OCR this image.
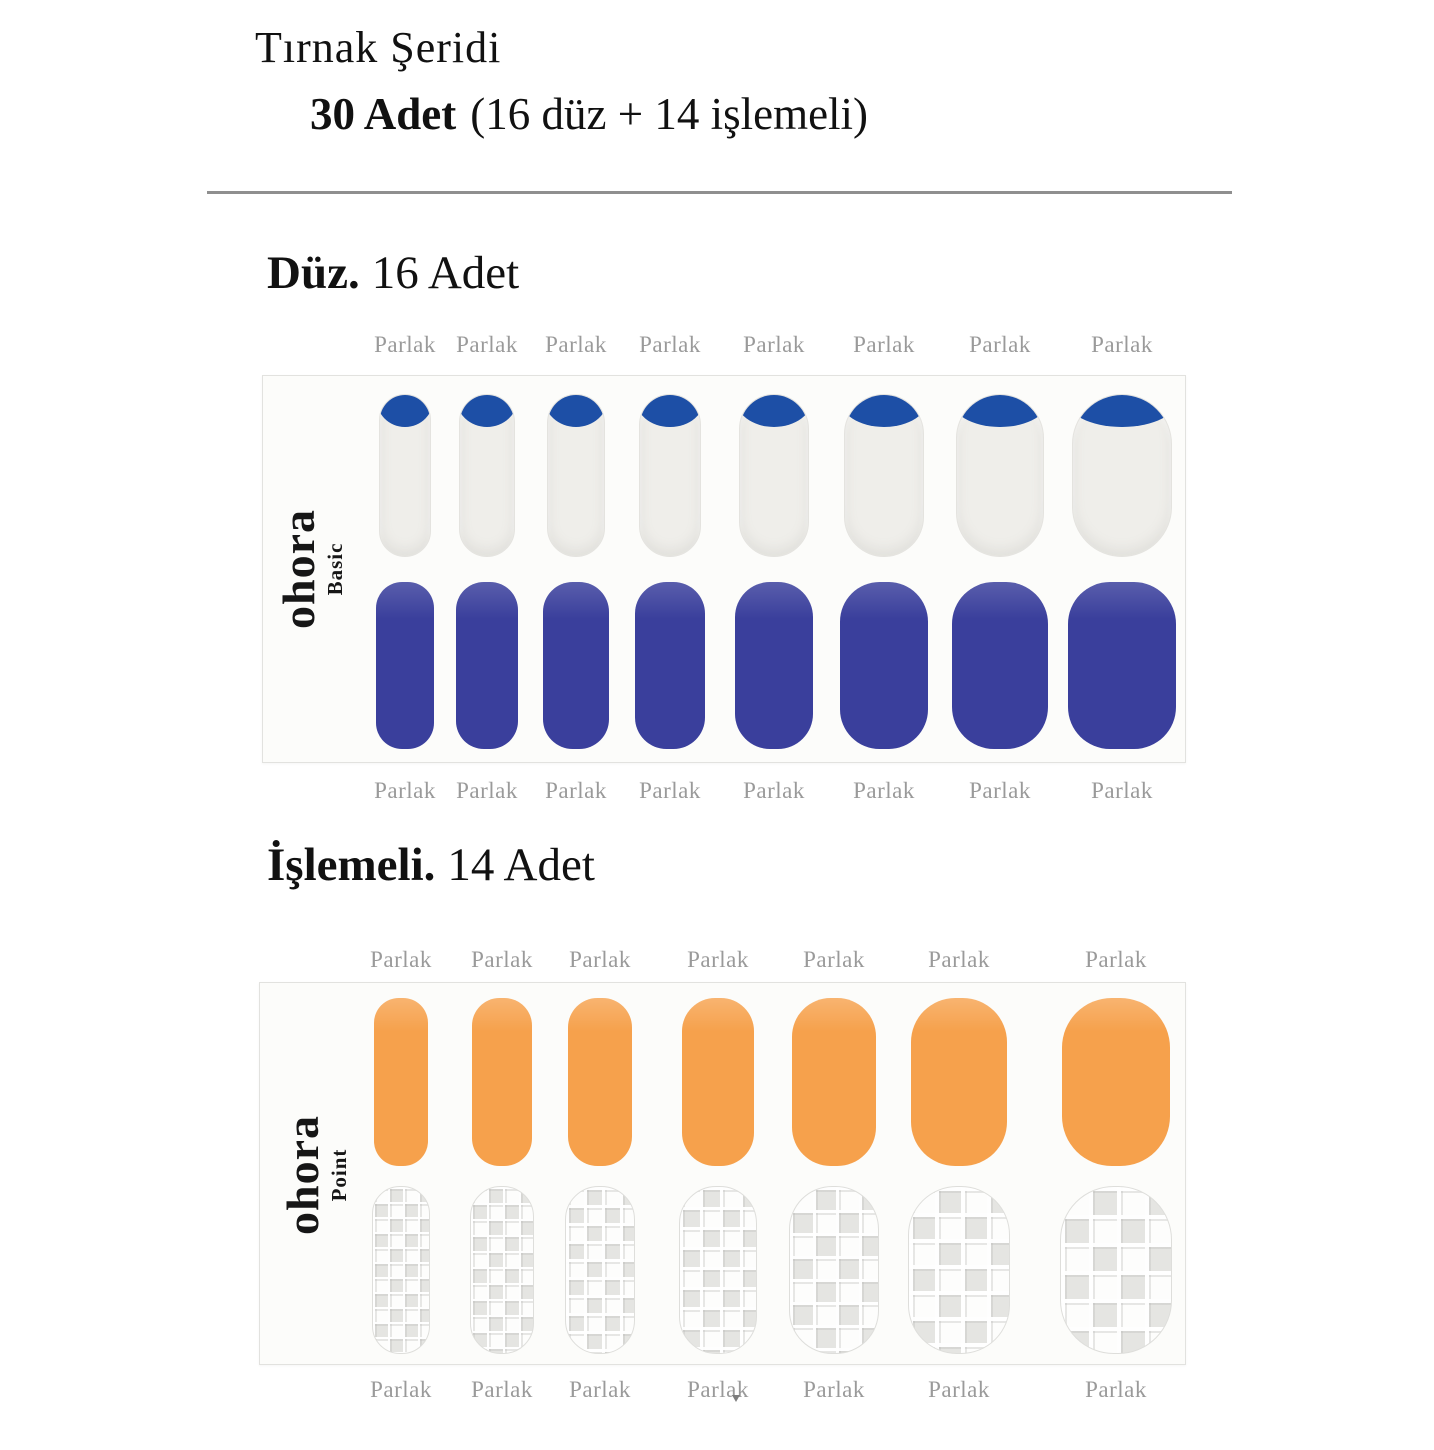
Tırnak Şeridi
30 Adet (16 düz + 14 işlemeli)
Düz. 16 Adet
ohora Basic
Parlak
Parlak
Parlak
Parlak
Parlak
Parlak
Parlak
Parlak
Parlak
Parlak
Parlak
Parlak
Parlak
Parlak
Parlak
Parlak
İşlemeli. 14 Adet
ohora Point
Parlak
Parlak
Parlak
Parlak
Parlak
Parlak
Parlak
Parlak
Parlak
Parlak
Parlak
Parlak
Parlak
Parlak
